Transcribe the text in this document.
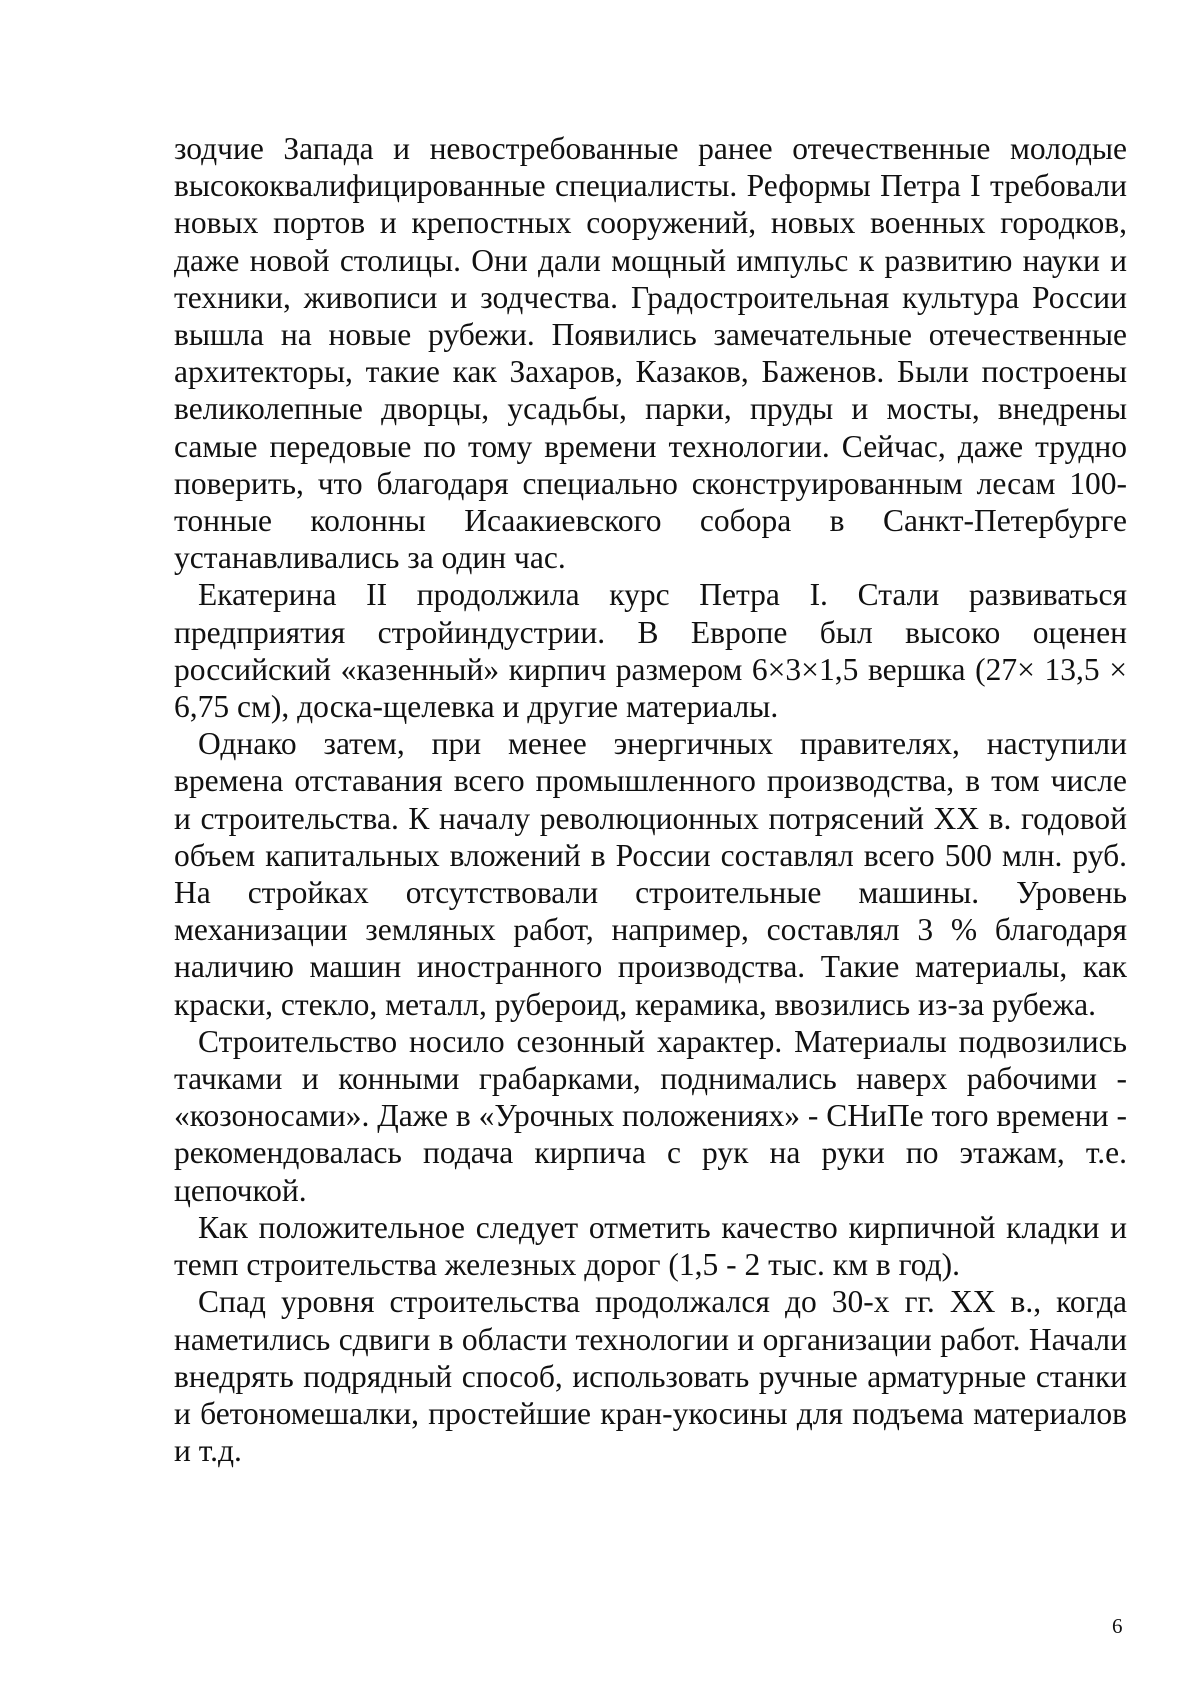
зодчие Запада и невостребованные ранее отечественные молодые высококвалифицированные специалисты. Реформы Петра I требовали новых портов и крепостных сооружений, новых военных городков, даже новой столицы. Они дали мощный импульс к развитию науки и техники, живописи и зодчества. Градостроительная культура России вышла на новые рубежи. Появились замечательные отечественные архитекторы, такие как Захаров, Казаков, Баженов. Были построены великолепные дворцы, усадьбы, парки, пруды и мосты, внедрены самые передовые по тому времени технологии. Сейчас, даже трудно поверить, что благодаря специально сконструированным лесам 100-тонные колонны Исаакиевского собора в Санкт-Петербурге устанавливались за один час.

Екатерина II продолжила курс Петра I. Стали развиваться предприятия стройиндустрии. В Европе был высоко оценен российский «казенный» кирпич размером 6×3×1,5 вершка (27× 13,5 × 6,75 см), доска-щелевка и другие материалы.

Однако затем, при менее энергичных правителях, наступили времена отставания всего промышленного производства, в том числе и строительства. К началу революционных потрясений XX в. годовой объем капитальных вложений в России составлял всего 500 млн. руб. На стройках отсутствовали строительные машины. Уровень механизации земляных работ, например, составлял 3 % благодаря наличию машин иностранного производства. Такие материалы, как краски, стекло, металл, рубероид, керамика, ввозились из-за рубежа.

Строительство носило сезонный характер. Материалы подвозились тачками и конными грабарками, поднимались наверх рабочими - «козоносами». Даже в «Урочных положениях» - СНиПе того времени - рекомендовалась подача кирпича с рук на руки по этажам, т.е. цепочкой.

Как положительное следует отметить качество кирпичной кладки и темп строительства железных дорог (1,5 - 2 тыс. км в год).

Спад уровня строительства продолжался до 30-х гг. XX в., когда наметились сдвиги в области технологии и организации работ. Начали внедрять подрядный способ, использовать ручные арматурные станки и бетономешалки, простейшие кран-укосины для подъема материалов и т.д.

6
